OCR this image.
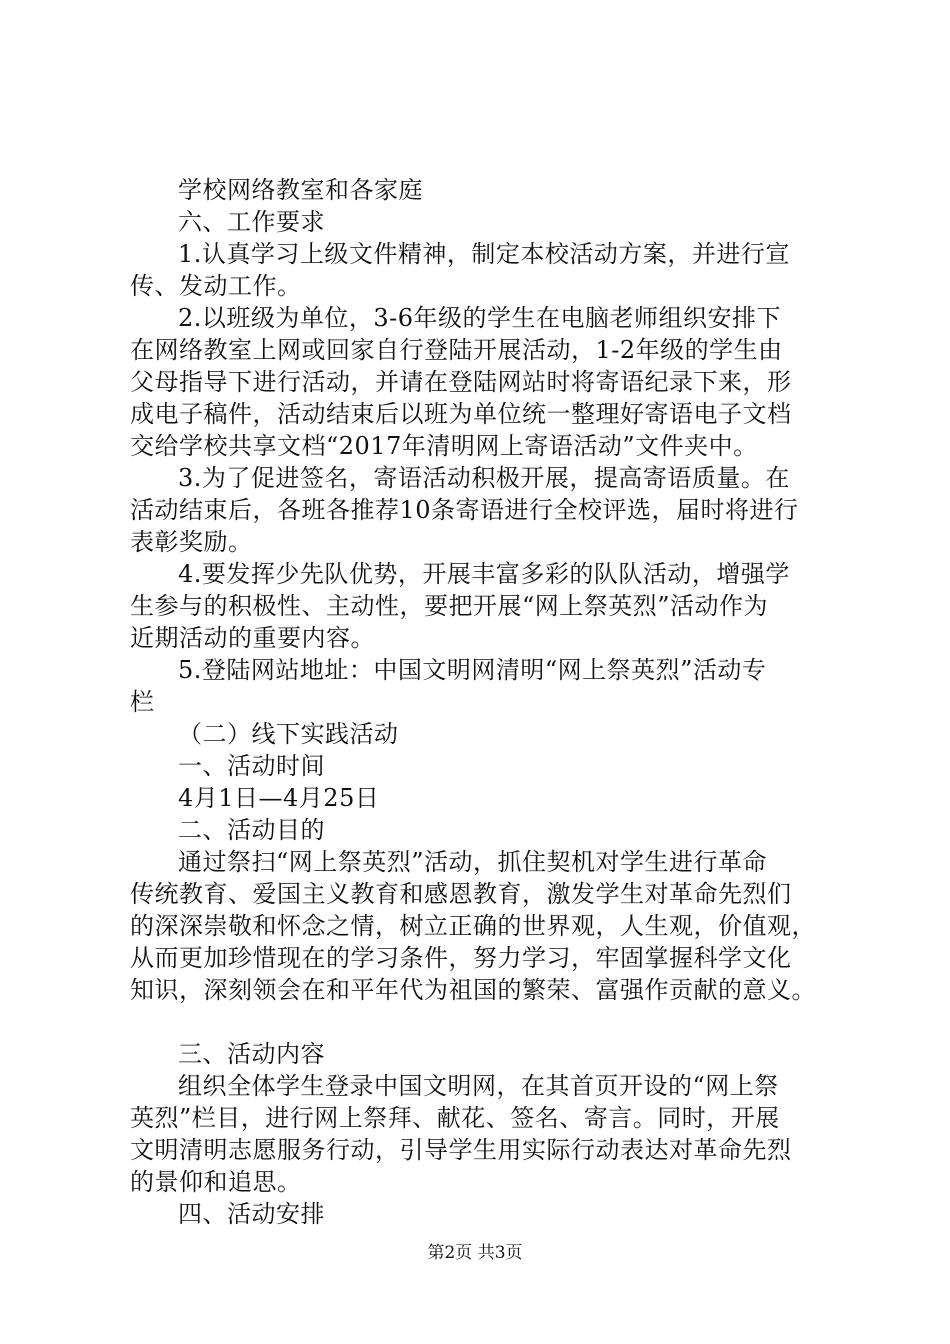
学校网络教室和各家庭
六、工作要求
1.认真学习上级文件精神，制定本校活动方案，并进行宣
传、发动工作。
2.以班级为单位，3-6年级的学生在电脑老师组织安排下
在网络教室上网或回家自行登陆开展活动，1-2年级的学生由
父母指导下进行活动，并请在登陆网站时将寄语纪录下来，形
成电子稿件，活动结束后以班为单位统一整理好寄语电子文档
交给学校共享文档“2017年清明网上寄语活动”文件夹中。
3.为了促进签名，寄语活动积极开展，提高寄语质量。在
活动结束后，各班各推荐10条寄语进行全校评选，届时将进行
表彰奖励。
4.要发挥少先队优势，开展丰富多彩的队队活动，增强学
生参与的积极性、主动性，要把开展“网上祭英烈”活动作为
近期活动的重要内容。
5.登陆网站地址：中国文明网清明“网上祭英烈”活动专
栏
（二）线下实践活动
一、活动时间
4月1日—4月25日
二、活动目的
通过祭扫“网上祭英烈”活动，抓住契机对学生进行革命
传统教育、爱国主义教育和感恩教育，激发学生对革命先烈们
的深深崇敬和怀念之情，树立正确的世界观，人生观，价值观，
从而更加珍惜现在的学习条件，努力学习，牢固掌握科学文化
知识，深刻领会在和平年代为祖国的繁荣、富强作贡献的意义。
三、活动内容
组织全体学生登录中国文明网，在其首页开设的“网上祭
英烈”栏目，进行网上祭拜、献花、签名、寄言。同时，开展
文明清明志愿服务行动，引导学生用实际行动表达对革命先烈
的景仰和追思。
四、活动安排
第2页 共3页
